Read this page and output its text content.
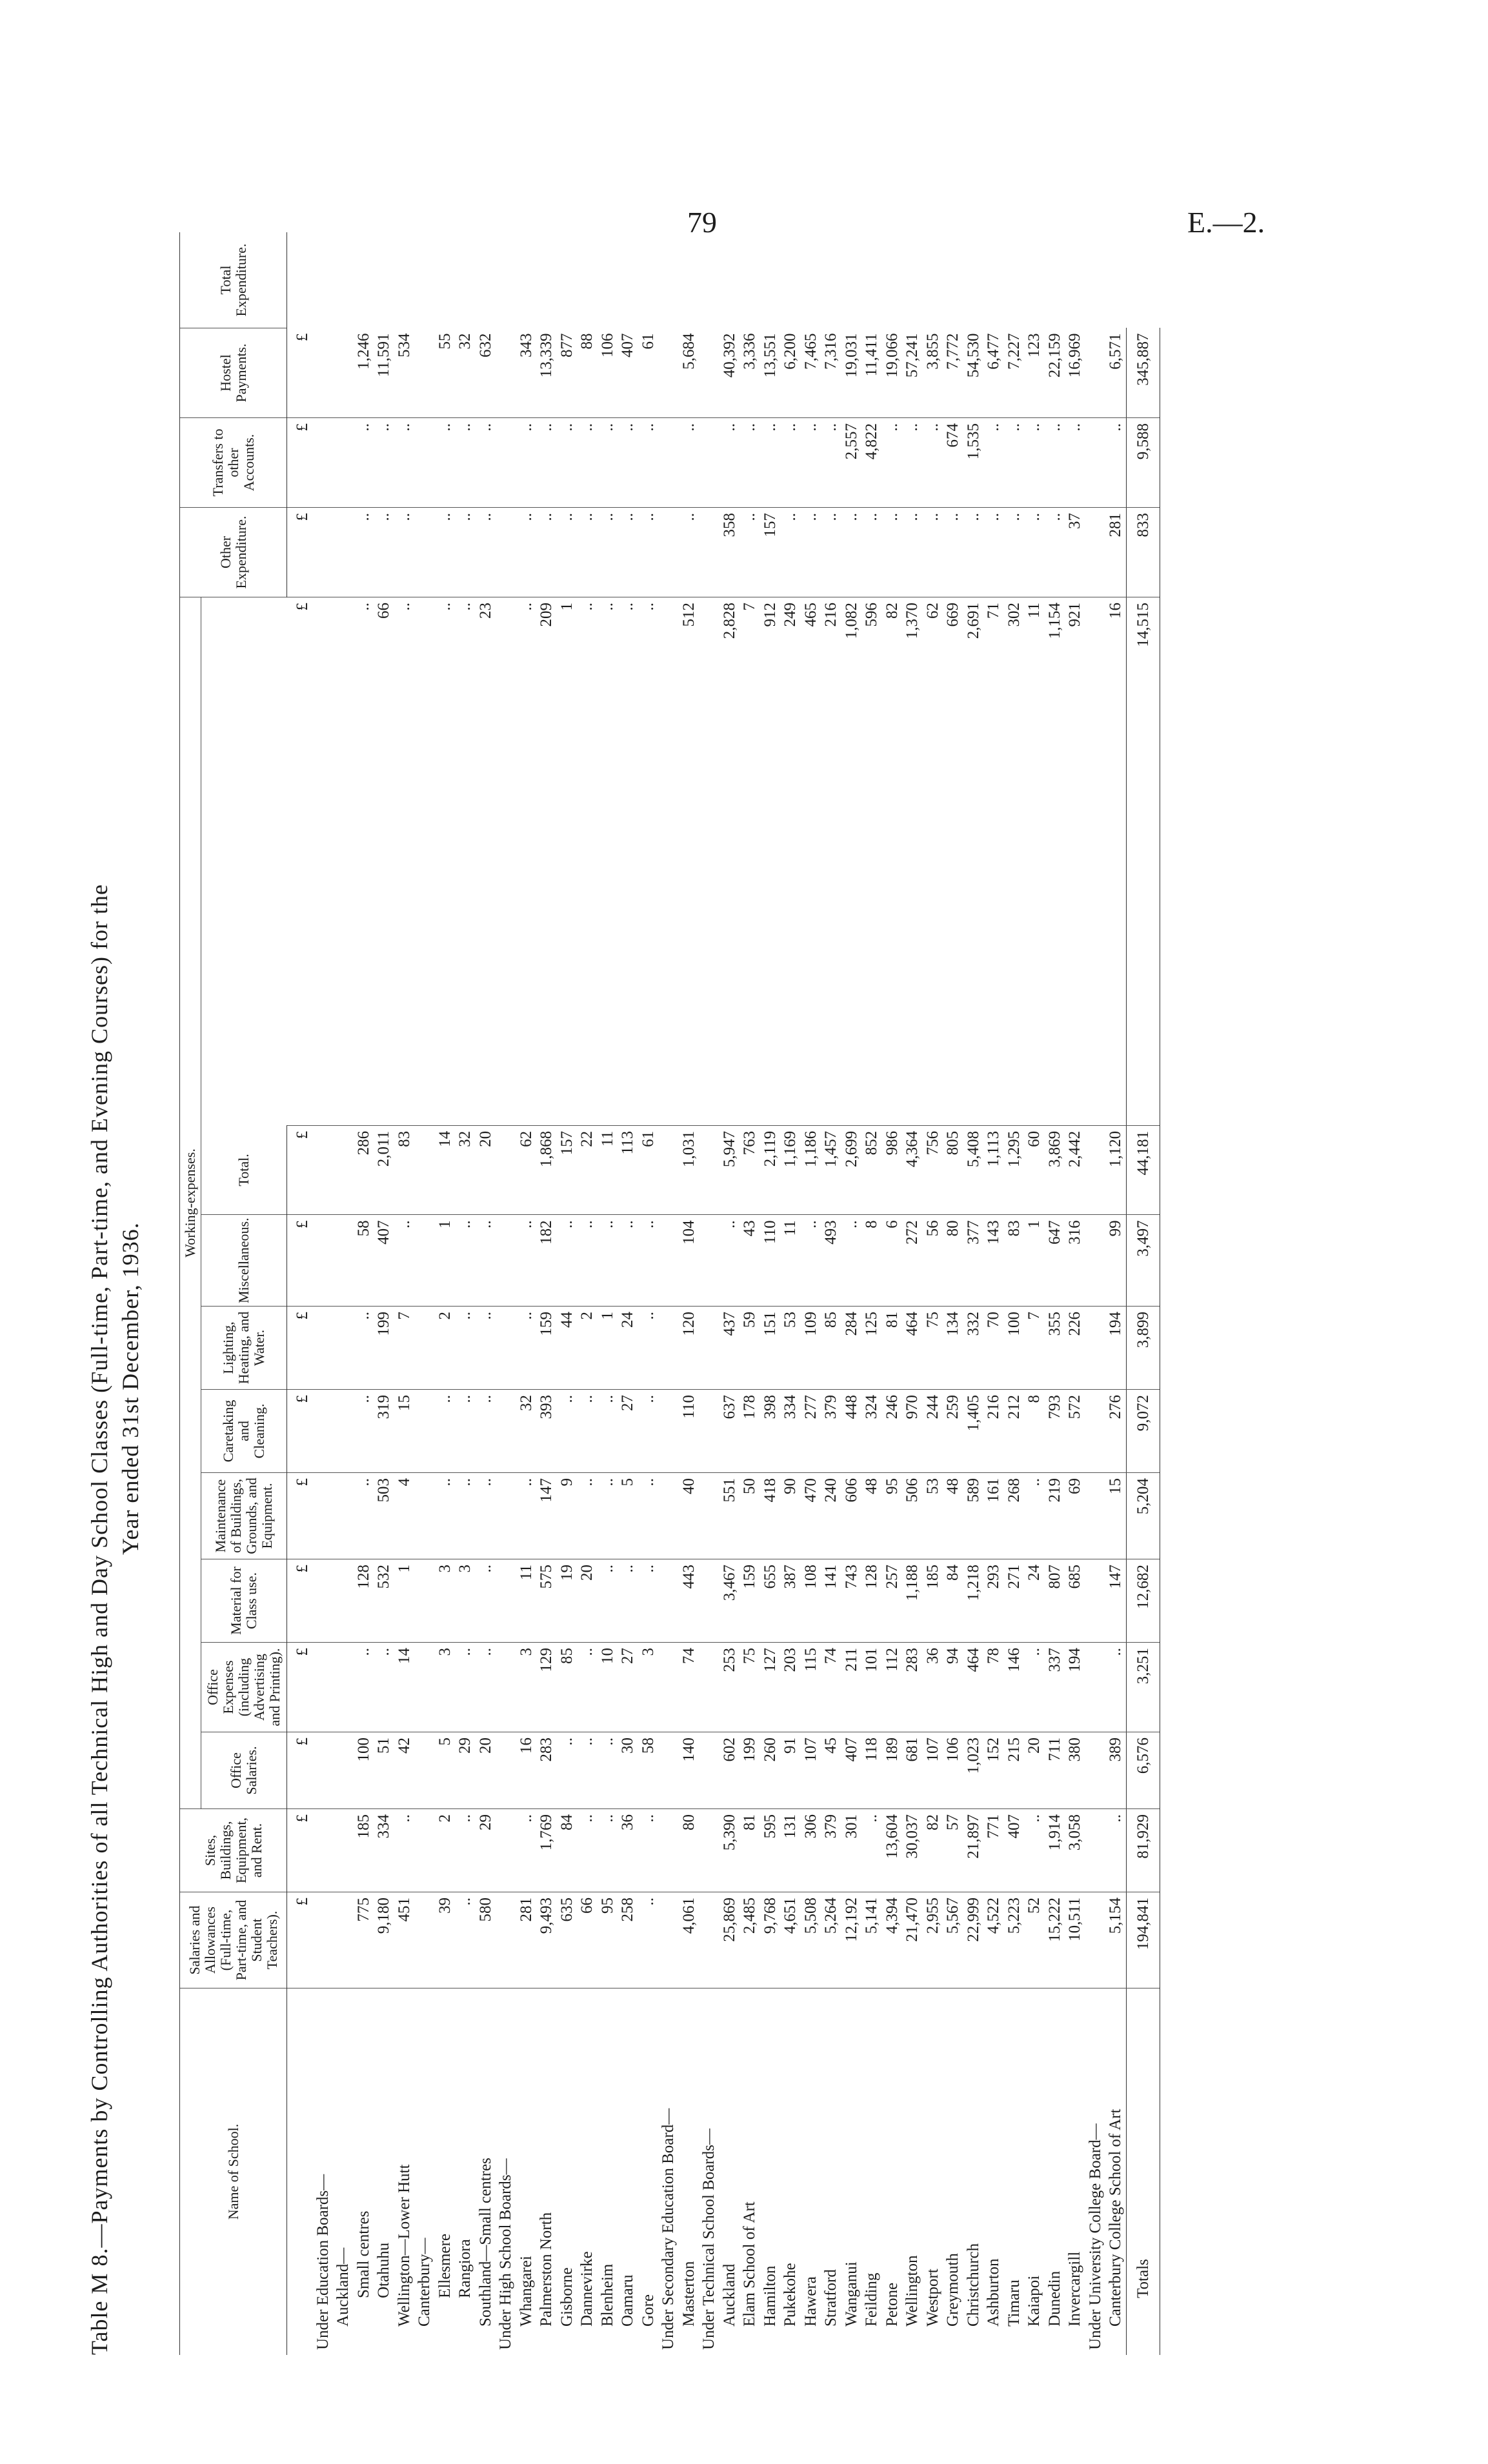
79	E.—2.
Table M 8.—Payments by Controlling Authorities of all Technical High and Day School Classes (Full-time, Part-time, and Evening Courses) for the Year ended 31st December, 1936.
Name of School.	Salaries and Allowances (Full-time, Part-time, and Student Teachers).	Sites, Buildings, Equipment, and Rent.	Working-expenses.									Other Expenditure.	Transfers to other Accounts.	Hostel Payments.	Total Expenditure.
			Office Salaries.	Office Expenses (including Advertising and Printing).	Material for Class use.	Maintenance of Buildings, Grounds, and Equipment.	Caretaking and Cleaning.	Lighting, Heating, and Water.	Miscellaneous.	Total.					
	£	£	£	£	£	£	£	£	£	£	£	£	£	£	
Under Education Boards—															
Auckland—															
Small centres	775	185	100	..	128	..	..	..	58	286	..	..	..	1,246	
Otahuhu	9,180	334	51	..	532	503	319	199	407	2,011	66	..	..	11,591	
Wellington—Lower Hutt	451	..	42	14	1	4	15	7	..	83	..	..	..	534	
Canterbury—															
Ellesmere	39	2	5	3	3	..	..	2	1	14	..	..	..	55	
Rangiora	..	..	29	..	3	..	..	..	..	32	..	..	..	32	
Southland—Small centres	580	29	20	..	..	..	..	..	..	20	23	..	..	632	
Under High School Boards—															
Whangarei	281	..	16	3	11	..	32	..	..	62	..	..	..	343	
Palmerston North	9,493	1,769	283	129	575	147	393	159	182	1,868	209	..	..	13,339	
Gisborne	635	84	..	85	19	9	..	44	..	157	1	..	..	877	
Dannevirke	66	..	..	..	20	..	..	2	..	22	..	..	..	88	
Blenheim	95	..	..	10	..	..	..	1	..	11	..	..	..	106	
Oamaru	258	36	30	27	..	5	27	24	..	113	..	..	..	407	
Gore	..	..	58	3	..	..	..	..	..	61	..	..	..	61	
Under Secondary Education Board—															
Masterton	4,061	80	140	74	443	40	110	120	104	1,031	512	..	..	5,684	
Under Technical School Boards—															
Auckland	25,869	5,390	602	253	3,467	551	637	437	..	5,947	2,828	358	..	40,392	
Elam School of Art	2,485	81	199	75	159	50	178	59	43	763	7	..	..	3,336	
Hamilton	9,768	595	260	127	655	418	398	151	110	2,119	912	157	..	13,551	
Pukekohe	4,651	131	91	203	387	90	334	53	11	1,169	249	..	..	6,200	
Hawera	5,508	306	107	115	108	470	277	109	..	1,186	465	..	..	7,465	
Stratford	5,264	379	45	74	141	240	379	85	493	1,457	216	..	..	7,316	
Wanganui	12,192	301	407	211	743	606	448	284	..	2,699	1,082	..	2,557	19,031	
Feilding	5,141	..	118	101	128	48	324	125	8	852	596	..	4,822	11,411	
Petone	4,394	13,604	189	112	257	95	246	81	6	986	82	..	..	19,066	
Wellington	21,470	30,037	681	283	1,188	506	970	464	272	4,364	1,370	..	..	57,241	
Westport	2,955	82	107	36	185	53	244	75	56	756	62	..	..	3,855	
Greymouth	5,567	57	106	94	84	48	259	134	80	805	669	..	674	7,772	
Christchurch	22,999	21,897	1,023	464	1,218	589	1,405	332	377	5,408	2,691	..	1,535	54,530	
Ashburton	4,522	771	152	78	293	161	216	70	143	1,113	71	..	..	6,477	
Timaru	5,223	407	215	146	271	268	212	100	83	1,295	302	..	..	7,227	
Kaiapoi	52	..	20	..	24	..	8	7	1	60	11	..	..	123	
Dunedin	15,222	1,914	711	337	807	219	793	355	647	3,869	1,154	..	..	22,159	
Invercargill	10,511	3,058	380	194	685	69	572	226	316	2,442	921	37	..	16,969	
Under University College Board—															
Canterbury College School of Art	5,154	..	389	..	147	15	276	194	99	1,120	16	281	..	6,571	
Totals	194,841	81,929	6,576	3,251	12,682	5,204	9,072	3,899	3,497	44,181	14,515	833	9,588	345,887	
